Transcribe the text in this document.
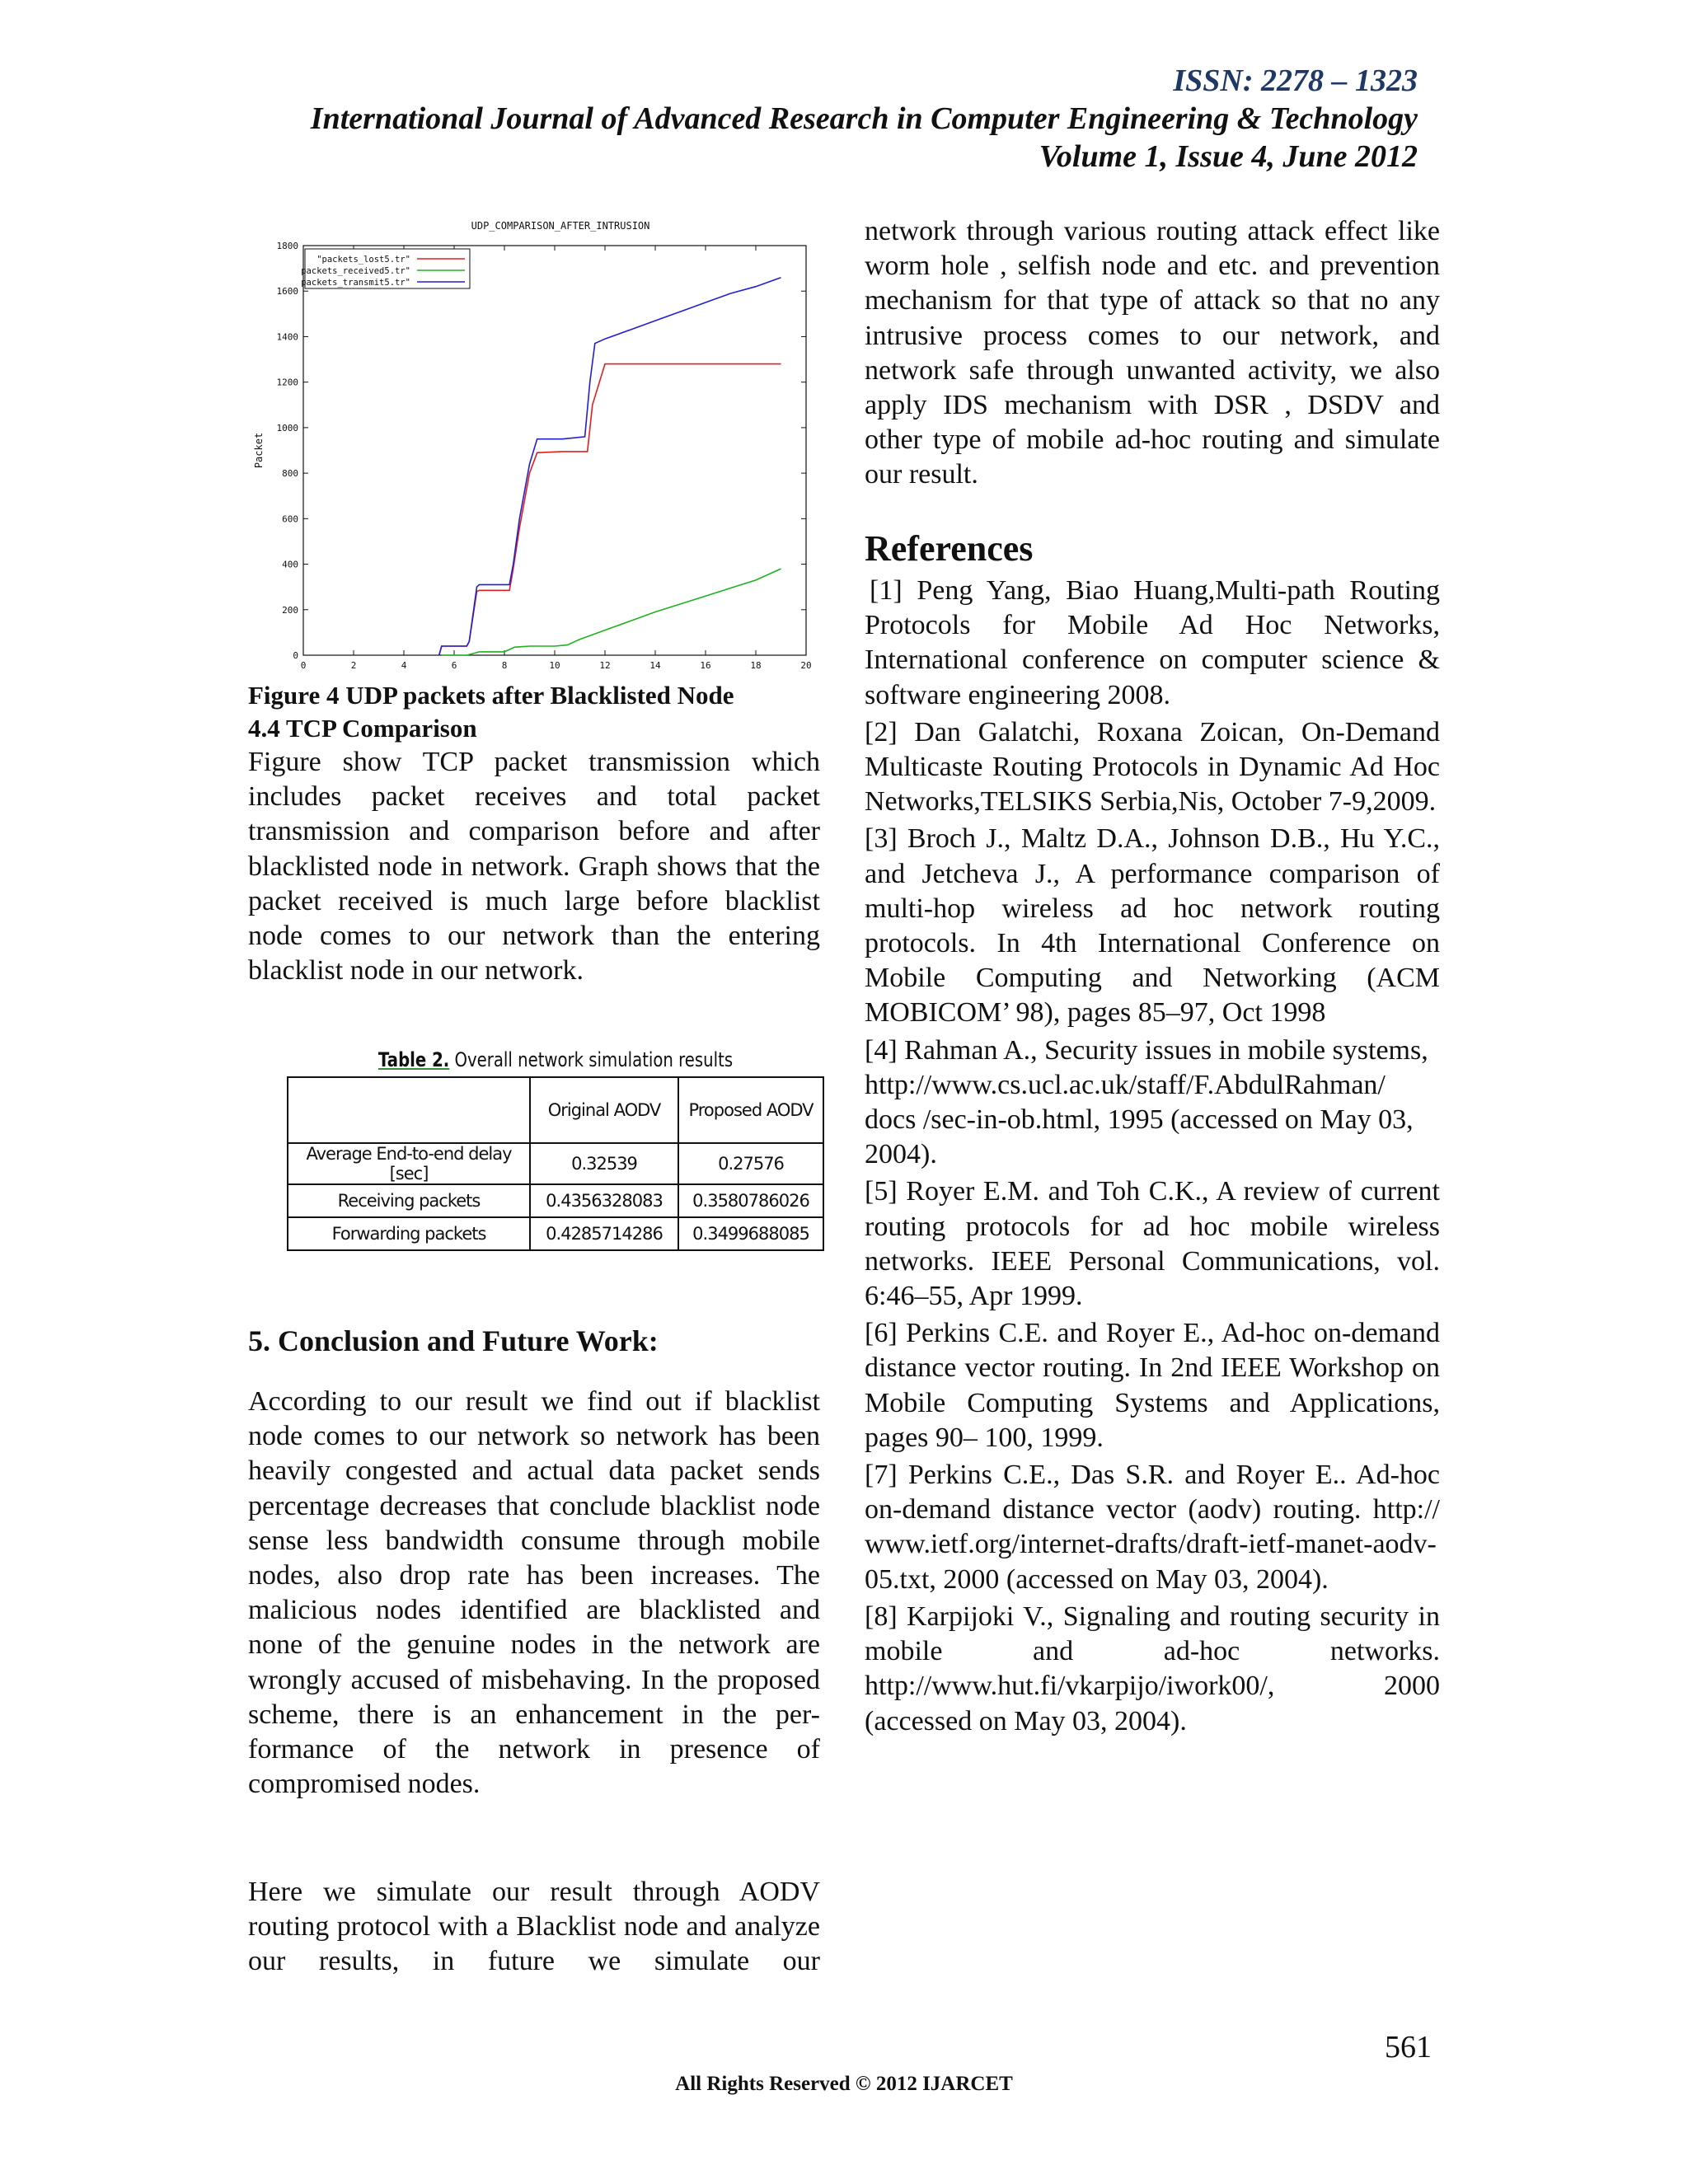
ISSN: 2278 – 1323
International Journal of Advanced Research in Computer Engineering & Technology
Volume 1, Issue 4, June 2012
UDP_COMPARISON_AFTER_INTRUSION
0	2	4	6	8	10	12	14	16	18	20
0
200
400
600
800
1000
1200
1400
1600
1800
Packet
"packets_lost5.tr"
packets_received5.tr"
packets_transmit5.tr"
Figure 4 UDP packets after Blacklisted Node
4.4 TCP Comparison

Figure show TCP packet transmission which includes packet receives and total packet transmission and comparison before and after blacklisted node in network. Graph shows that the packet received is much large before blacklist node comes to our network than the entering blacklist node in our network.

Table 2. Overall network simulation results
	Original AODV	Proposed AODV
Average End-to-end delay [sec]	0.32539	0.27576
Receiving packets	0.4356328083	0.3580786026
Forwarding packets	0.4285714286	0.3499688085

5. Conclusion and Future Work:

According to our result we find out if blacklist node comes to our network so network has been heavily congested and actual data packet sends percentage decreases that conclude blacklist node sense less bandwidth consume through mobile nodes, also drop rate has been increases. The malicious nodes identified are blacklisted and none of the genuine nodes in the network are wrongly accused of misbehaving. In the proposed scheme, there is an enhancement in the per- formance of the network in presence of compromised nodes.

Here we simulate our result through AODV routing protocol with a Blacklist node and analyze our results, in future we simulate our

network through various routing attack effect like worm hole , selfish node and etc. and prevention mechanism for that type of attack so that no any intrusive process comes to our network, and network safe through unwanted activity, we also apply IDS mechanism with DSR , DSDV and other type of mobile ad-hoc routing and simulate our result.

References

[1] Peng Yang, Biao Huang,Multi-path Routing Protocols for Mobile Ad Hoc Networks, International conference on computer science & software engineering 2008.

[2] Dan Galatchi, Roxana Zoican, On-Demand Multicaste Routing Protocols in Dynamic Ad Hoc Networks,TELSIKS Serbia,Nis, October 7-9,2009.

[3] Broch J., Maltz D.A., Johnson D.B., Hu Y.C., and Jetcheva J., A performance comparison of multi-hop wireless ad hoc network routing protocols. In 4th International Conference on Mobile Computing and Networking (ACM MOBICOM’ 98), pages 85–97, Oct 1998

[4] Rahman A., Security issues in mobile systems,

http://www.cs.ucl.ac.uk/staff/F.AbdulRahman/ docs /sec-in-ob.html, 1995 (accessed on May 03, 2004).

[5] Royer E.M. and Toh C.K., A review of current routing protocols for ad hoc mobile wireless networks. IEEE Personal Communications, vol. 6:46–55, Apr 1999.

[6] Perkins C.E. and Royer E., Ad-hoc on-demand distance vector routing. In 2nd IEEE Workshop on Mobile Computing Systems and Applications, pages 90– 100, 1999.

[7] Perkins C.E., Das S.R. and Royer E.. Ad-hoc on-demand distance vector (aodv) routing. http:// www.ietf.org/internet-drafts/draft-ietf-manet-aodv-

05.txt, 2000 (accessed on May 03, 2004).

[8] Karpijoki V., Signaling and routing security in mobile and ad-hoc networks. http://www.hut.fi/vkarpijo/iwork00/, 2000 (accessed on May 03, 2004).

561
All Rights Reserved © 2012 IJARCET
